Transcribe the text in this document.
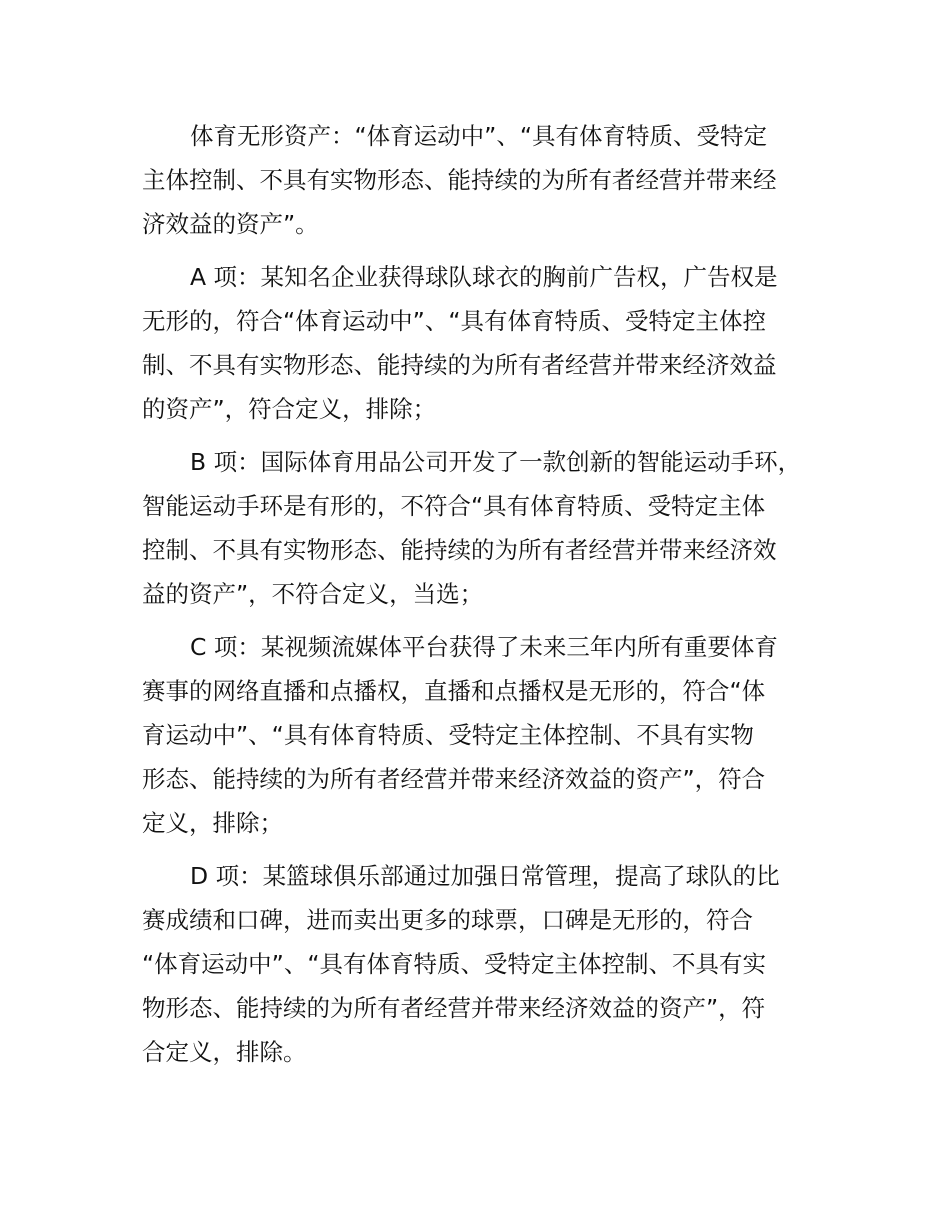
体育无形资产：“体育运动中”、“具有体育特质、受特定
主体控制、不具有实物形态、能持续的为所有者经营并带来经
济效益的资产”。
A 项：某知名企业获得球队球衣的胸前广告权，广告权是
无形的，符合“体育运动中”、“具有体育特质、受特定主体控
制、不具有实物形态、能持续的为所有者经营并带来经济效益
的资产”，符合定义，排除；
B 项：国际体育用品公司开发了一款创新的智能运动手环，
智能运动手环是有形的，不符合“具有体育特质、受特定主体
控制、不具有实物形态、能持续的为所有者经营并带来经济效
益的资产”，不符合定义，当选；
C 项：某视频流媒体平台获得了未来三年内所有重要体育
赛事的网络直播和点播权，直播和点播权是无形的，符合“体
育运动中”、“具有体育特质、受特定主体控制、不具有实物
形态、能持续的为所有者经营并带来经济效益的资产”，符合
定义，排除；
D 项：某篮球俱乐部通过加强日常管理，提高了球队的比
赛成绩和口碑，进而卖出更多的球票，口碑是无形的，符合
“体育运动中”、“具有体育特质、受特定主体控制、不具有实
物形态、能持续的为所有者经营并带来经济效益的资产”，符
合定义，排除。
